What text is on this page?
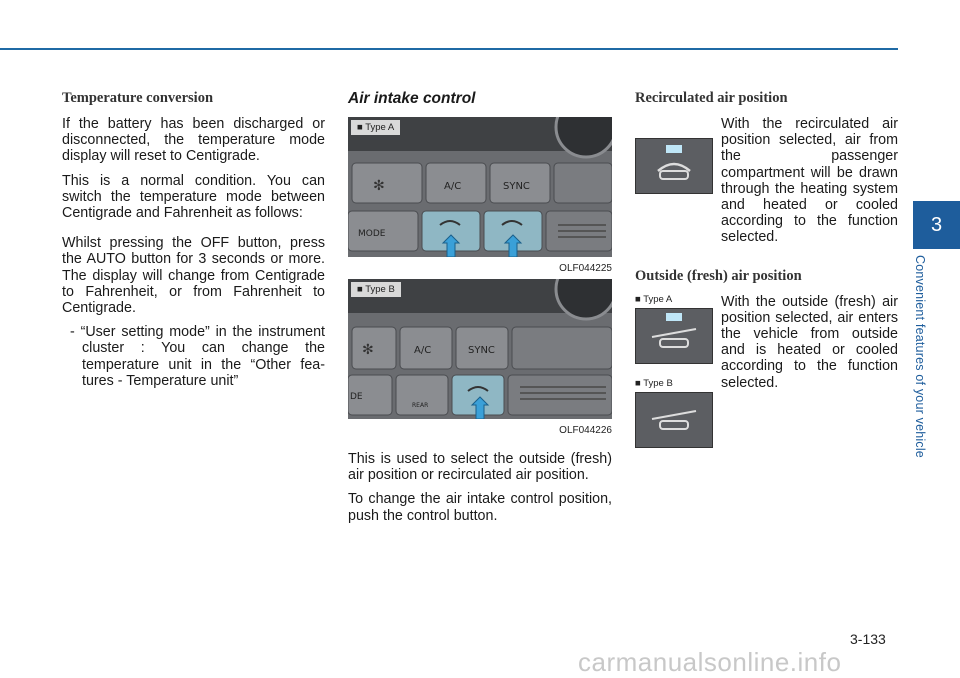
3
Convenient features of your vehicle
Temperature conversion

If the battery has been discharged or disconnected, the temperature mode display will reset to Centigrade.

This is a normal condition. You can switch the temperature mode between Centigrade and Fahrenheit as follows:

Whilst pressing the OFF button, press the AUTO button for 3 seconds or more. The display will change from Centigrade to Fahrenheit, or from Fahrenheit to Centigrade.

- “User setting mode” in the instrument cluster : You can change the temperature unit in the “Other features - Temperature unit”

Air intake control
✻	A/C	SYNC
MODE
■ Type A
OLF044225
✻	A/C	SYNC
DE
REAR
■ Type B
OLF044226

This is used to select the outside (fresh) air position or recirculated air position.

To change the air intake control position, push the control button.

Recirculated air position

With the recirculated air position selected, air from the passenger compartment will be drawn through the heating system and heated or cooled according to the function selected.

Outside (fresh) air position
■ Type A
■ Type B

With the outside (fresh) air position selected, air enters the vehicle from outside and is heated or cooled according to the function selected.

3-133
carmanualsonline.info
